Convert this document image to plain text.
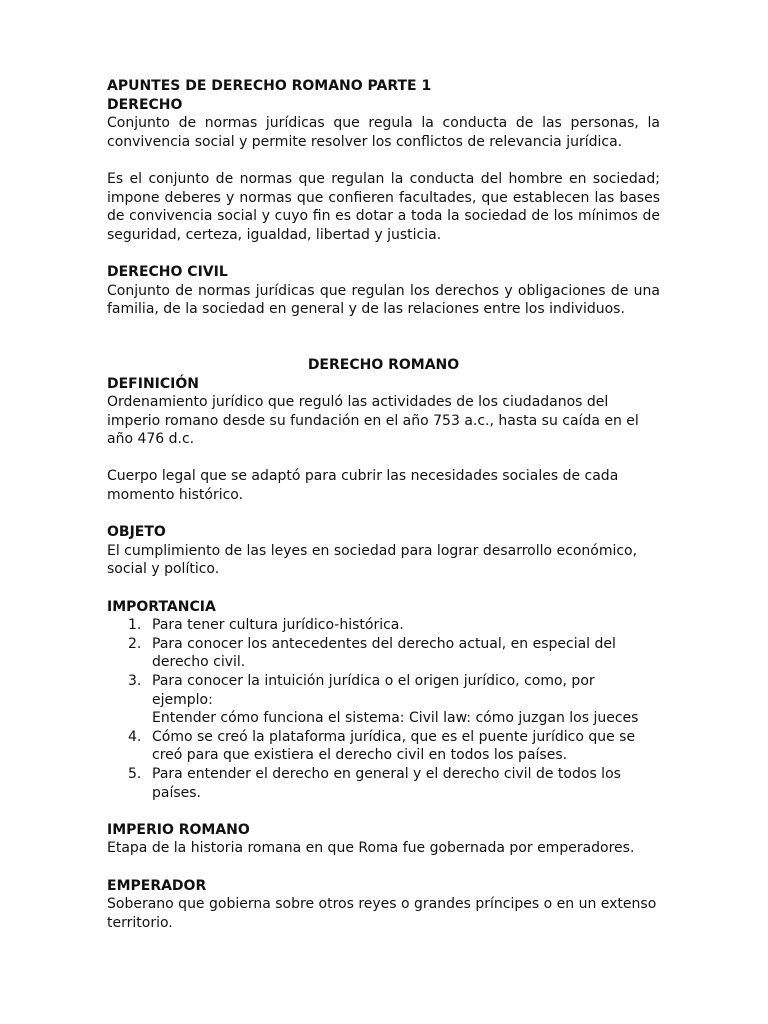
APUNTES DE DERECHO ROMANO PARTE 1

DERECHO

Conjunto de normas jurídicas que regula la conducta de las personas, la convivencia social y permite resolver los conflictos de relevancia jurídica.

Es el conjunto de normas que regulan la conducta del hombre en sociedad; impone deberes y normas que confieren facultades, que establecen las bases de convivencia social y cuyo fin es dotar a toda la sociedad de los mínimos de seguridad, certeza, igualdad, libertad y justicia.

DERECHO CIVIL

Conjunto de normas jurídicas que regulan los derechos y obligaciones de una familia, de la sociedad en general y de las relaciones entre los individuos.

DERECHO ROMANO

DEFINICIÓN

Ordenamiento jurídico que reguló las actividades de los ciudadanos del

imperio romano desde su fundación en el año 753 a.c., hasta su caída en el

año 476 d.c.

Cuerpo legal que se adaptó para cubrir las necesidades sociales de cada

momento histórico.

OBJETO

El cumplimiento de las leyes en sociedad para lograr desarrollo económico,

social y político.

IMPORTANCIA

1. Para tener cultura jurídico-histórica.
2. Para conocer los antecedentes del derecho actual, en especial del
derecho civil.
3. Para conocer la intuición jurídica o el origen jurídico, como, por
ejemplo:
Entender cómo funciona el sistema: Civil law: cómo juzgan los jueces
4. Cómo se creó la plataforma jurídica, que es el puente jurídico que se
creó para que existiera el derecho civil en todos los países.
5. Para entender el derecho en general y el derecho civil de todos los
países.

IMPERIO ROMANO

Etapa de la historia romana en que Roma fue gobernada por emperadores.

EMPERADOR

Soberano que gobierna sobre otros reyes o grandes príncipes o en un extenso

territorio.
